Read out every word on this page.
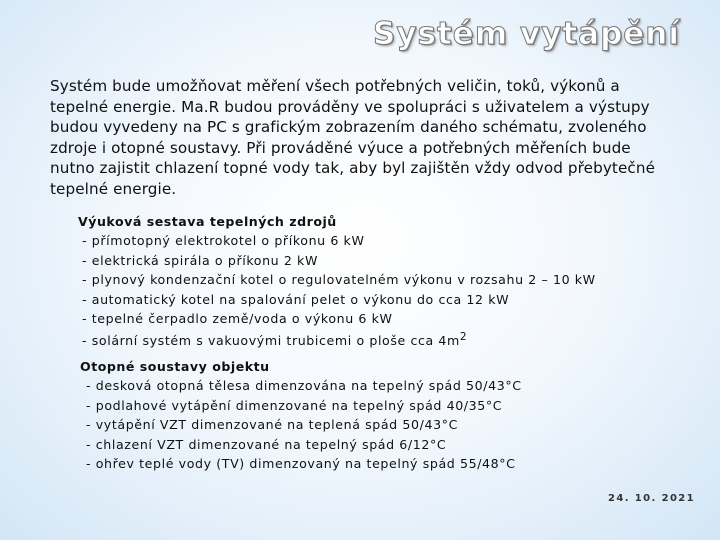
Systém vytápění

Systém bude umožňovat měření všech potřebných veličin, toků, výkonů a tepelné energie. Ma.R budou prováděny ve spolupráci s uživatelem a výstupy budou vyvedeny na PC s grafickým zobrazením daného schématu, zvoleného zdroje i otopné soustavy. Při prováděné výuce a potřebných měřeních bude nutno zajistit chlazení topné vody tak, aby byl zajištěn vždy odvod přebytečné tepelné energie.

Výuková sestava tepelných zdrojů
- přímotopný elektrokotel o příkonu 6 kW
- elektrická spirála o příkonu 2 kW
- plynový kondenzační kotel o regulovatelném výkonu v rozsahu 2 – 10 kW
- automatický kotel na spalování pelet o výkonu do cca 12 kW
- tepelné čerpadlo země/voda o výkonu 6 kW
- solární systém s vakuovými trubicemi o ploše cca $4m^2$
Otopné soustavy objektu
- desková otopná tělesa dimenzována na tepelný spád 50/43°C
- podlahové vytápění dimenzované na tepelný spád 40/35°C
- vytápění VZT dimenzované na teplená spád 50/43°C
- chlazení VZT dimenzované na tepelný spád 6/12°C
- ohřev teplé vody (TV) dimenzovaný na tepelný spád 55/48°C
24. 10. 2021
